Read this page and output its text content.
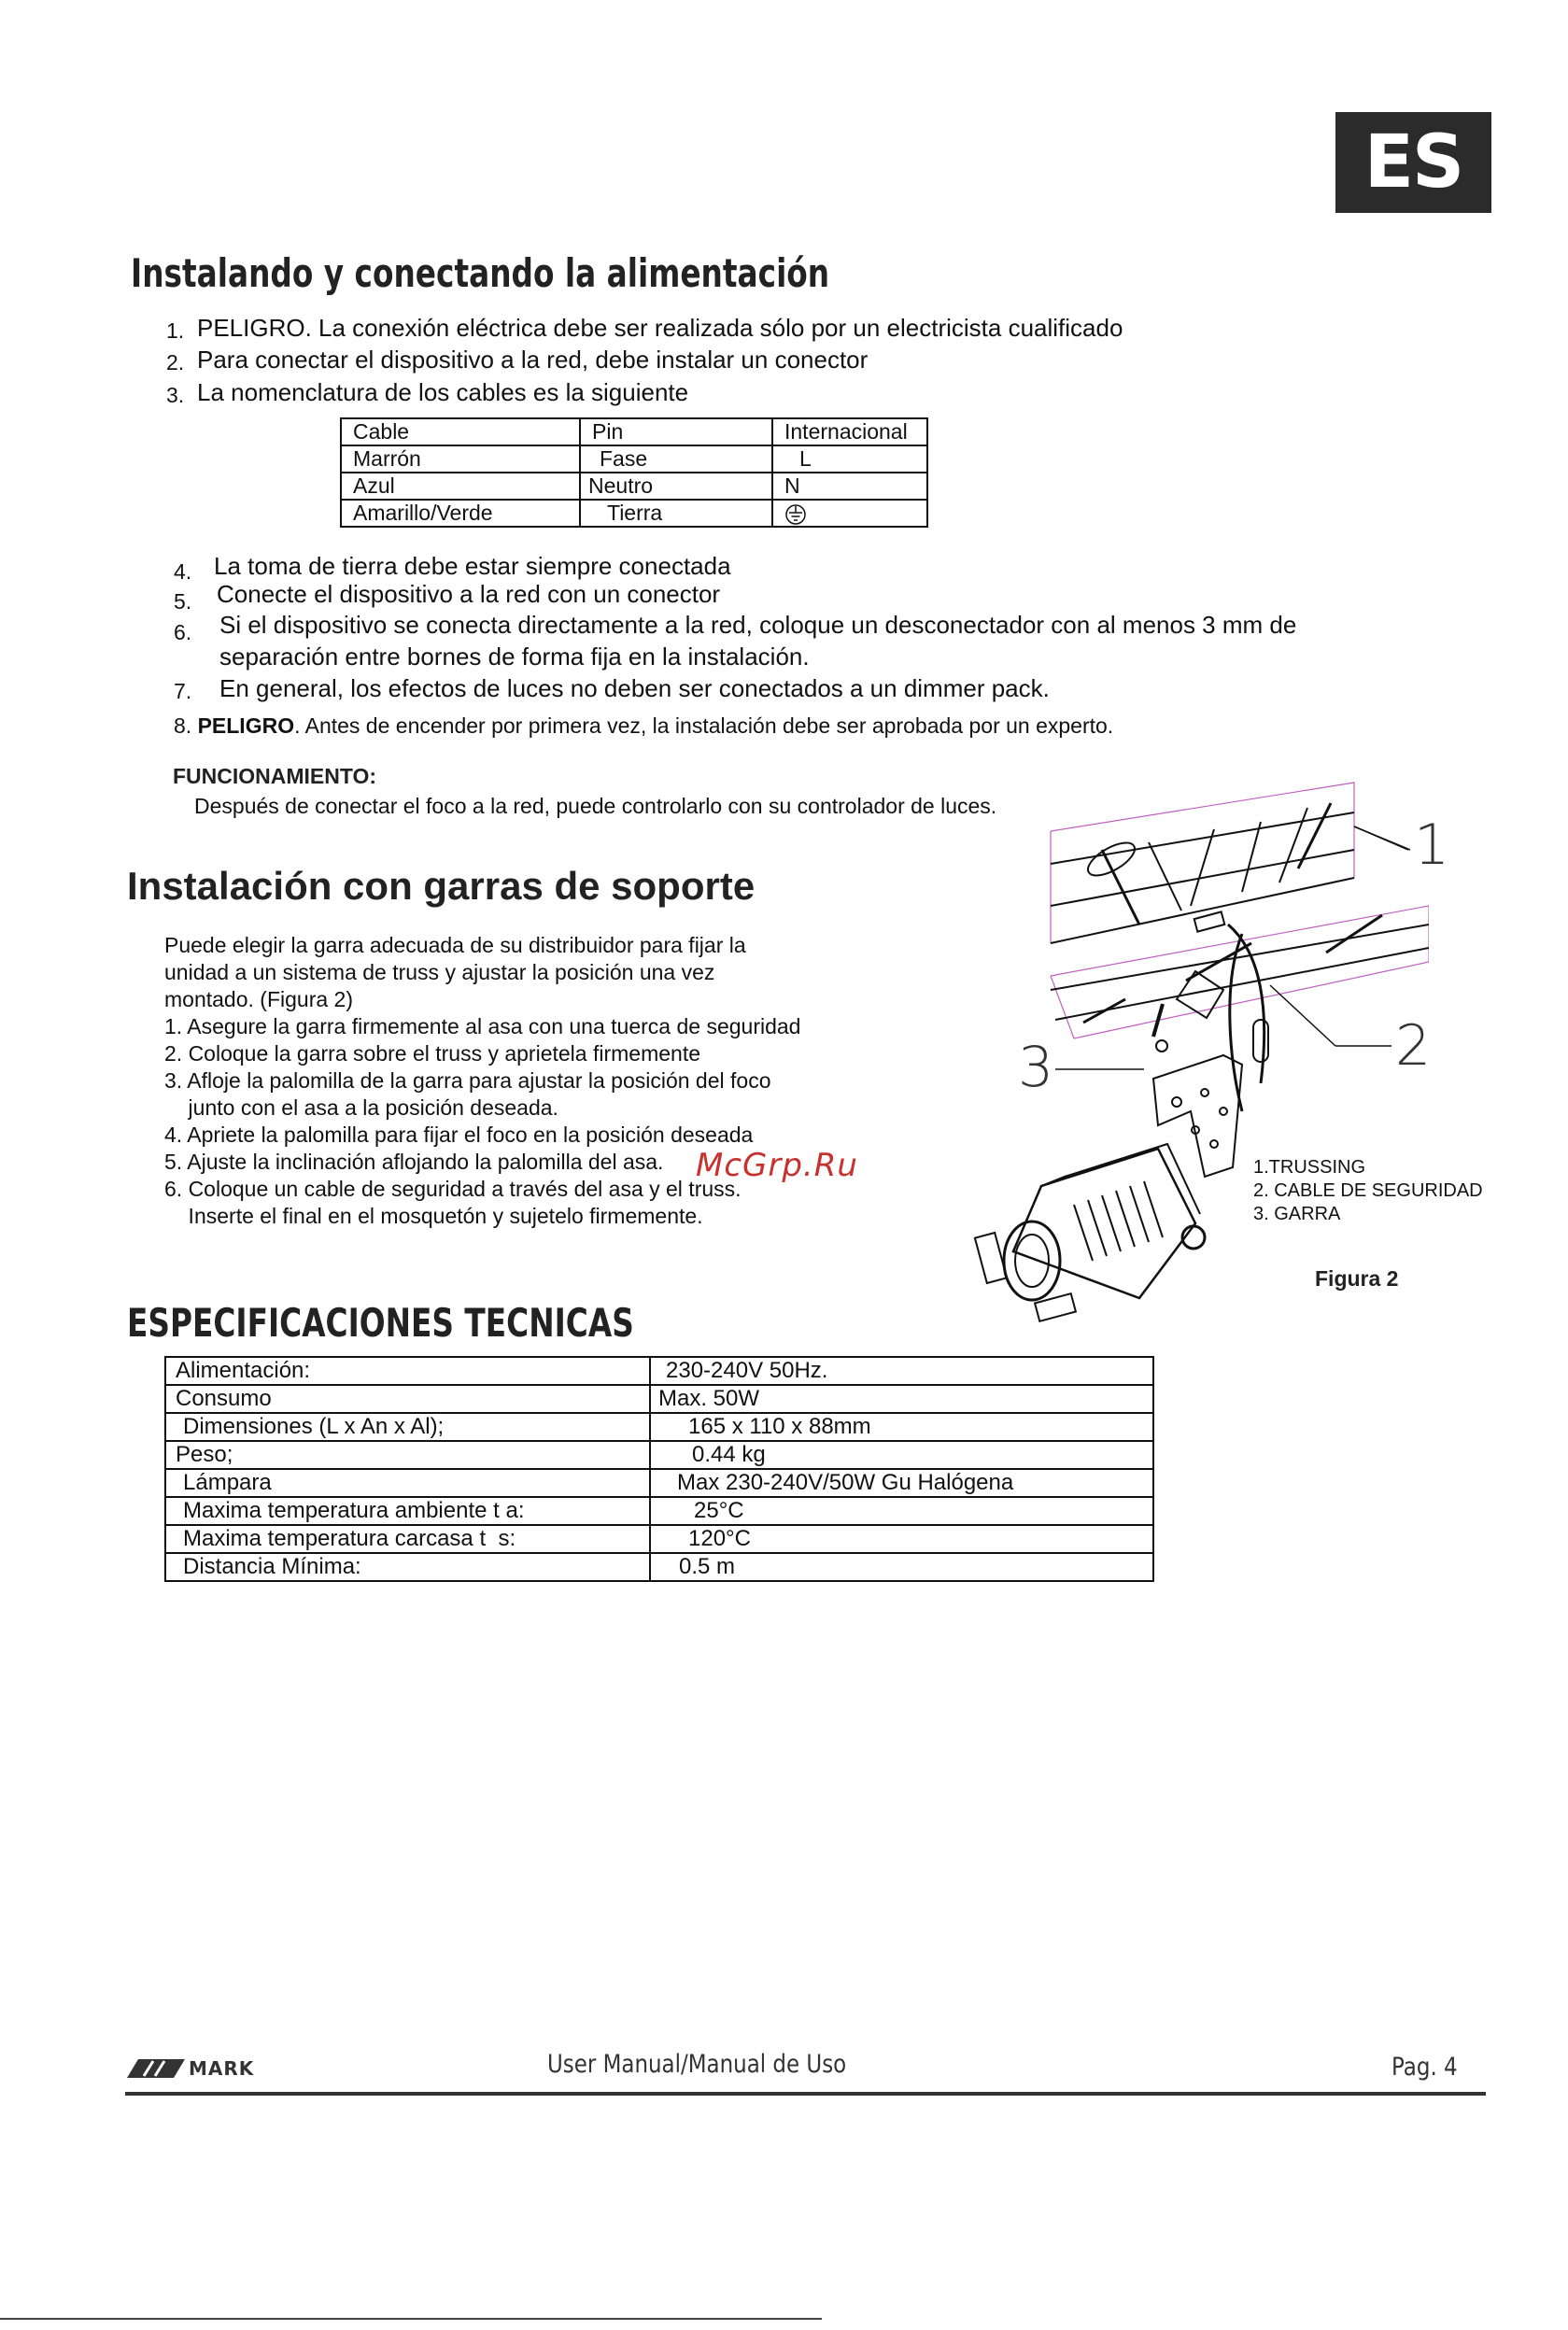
ES
Instalando y conectando la alimentación
1. PELIGRO. La conexión eléctrica debe ser realizada sólo por un electricista cualificado
2. Para conectar el dispositivo a la red, debe instalar un conector
3. La nomenclatura de los cables es la siguiente
Cable	Pin	Internacional
Marrón	Fase	L
Azul	Neutro	N
Amarillo/Verde	Tierra	
4. La toma de tierra debe estar siempre conectada
5. Conecte el dispositivo a la red con un conector
6. Si el dispositivo se conecta directamente a la red, coloque un desconectador con al menos 3 mm de
separación entre bornes de forma fija en la instalación.
7. En general, los efectos de luces no deben ser conectados a un dimmer pack.
8. PELIGRO. Antes de encender por primera vez, la instalación debe ser aprobada por un experto.
FUNCIONAMIENTO:
Después de conectar el foco a la red, puede controlarlo con su controlador de luces.
Instalación con garras de soporte
Puede elegir la garra adecuada de su distribuidor para fijar la
unidad a un sistema de truss y ajustar la posición una vez
montado. (Figura 2)
1. Asegure la garra firmemente al asa con una tuerca de seguridad
2. Coloque la garra sobre el truss y aprietela firmemente
3. Afloje la palomilla de la garra para ajustar la posición del foco
junto con el asa a la posición deseada.
4. Apriete la palomilla para fijar el foco en la posición deseada
5. Ajuste la inclinación aflojando la palomilla del asa.
6. Coloque un cable de seguridad a través del asa y el truss.
Inserte el final en el mosquetón y sujetelo firmemente.
1
2
3
1.TRUSSING
2. CABLE DE SEGURIDAD
3. GARRA
Figura 2
McGrp.Ru
ESPECIFICACIONES TECNICAS
Alimentación:	230-240V 50Hz.
Consumo	Max. 50W
Dimensiones (L x An x Al);	165 x 110 x 88mm
Peso;	0.44 kg
Lámpara	Max 230-240V/50W Gu Halógena
Maxima temperatura ambiente t a:	25°C
Maxima temperatura carcasa t  s:	120°C
Distancia Mínima:	0.5 m
MARK	User Manual/Manual de Uso	Pag. 4
